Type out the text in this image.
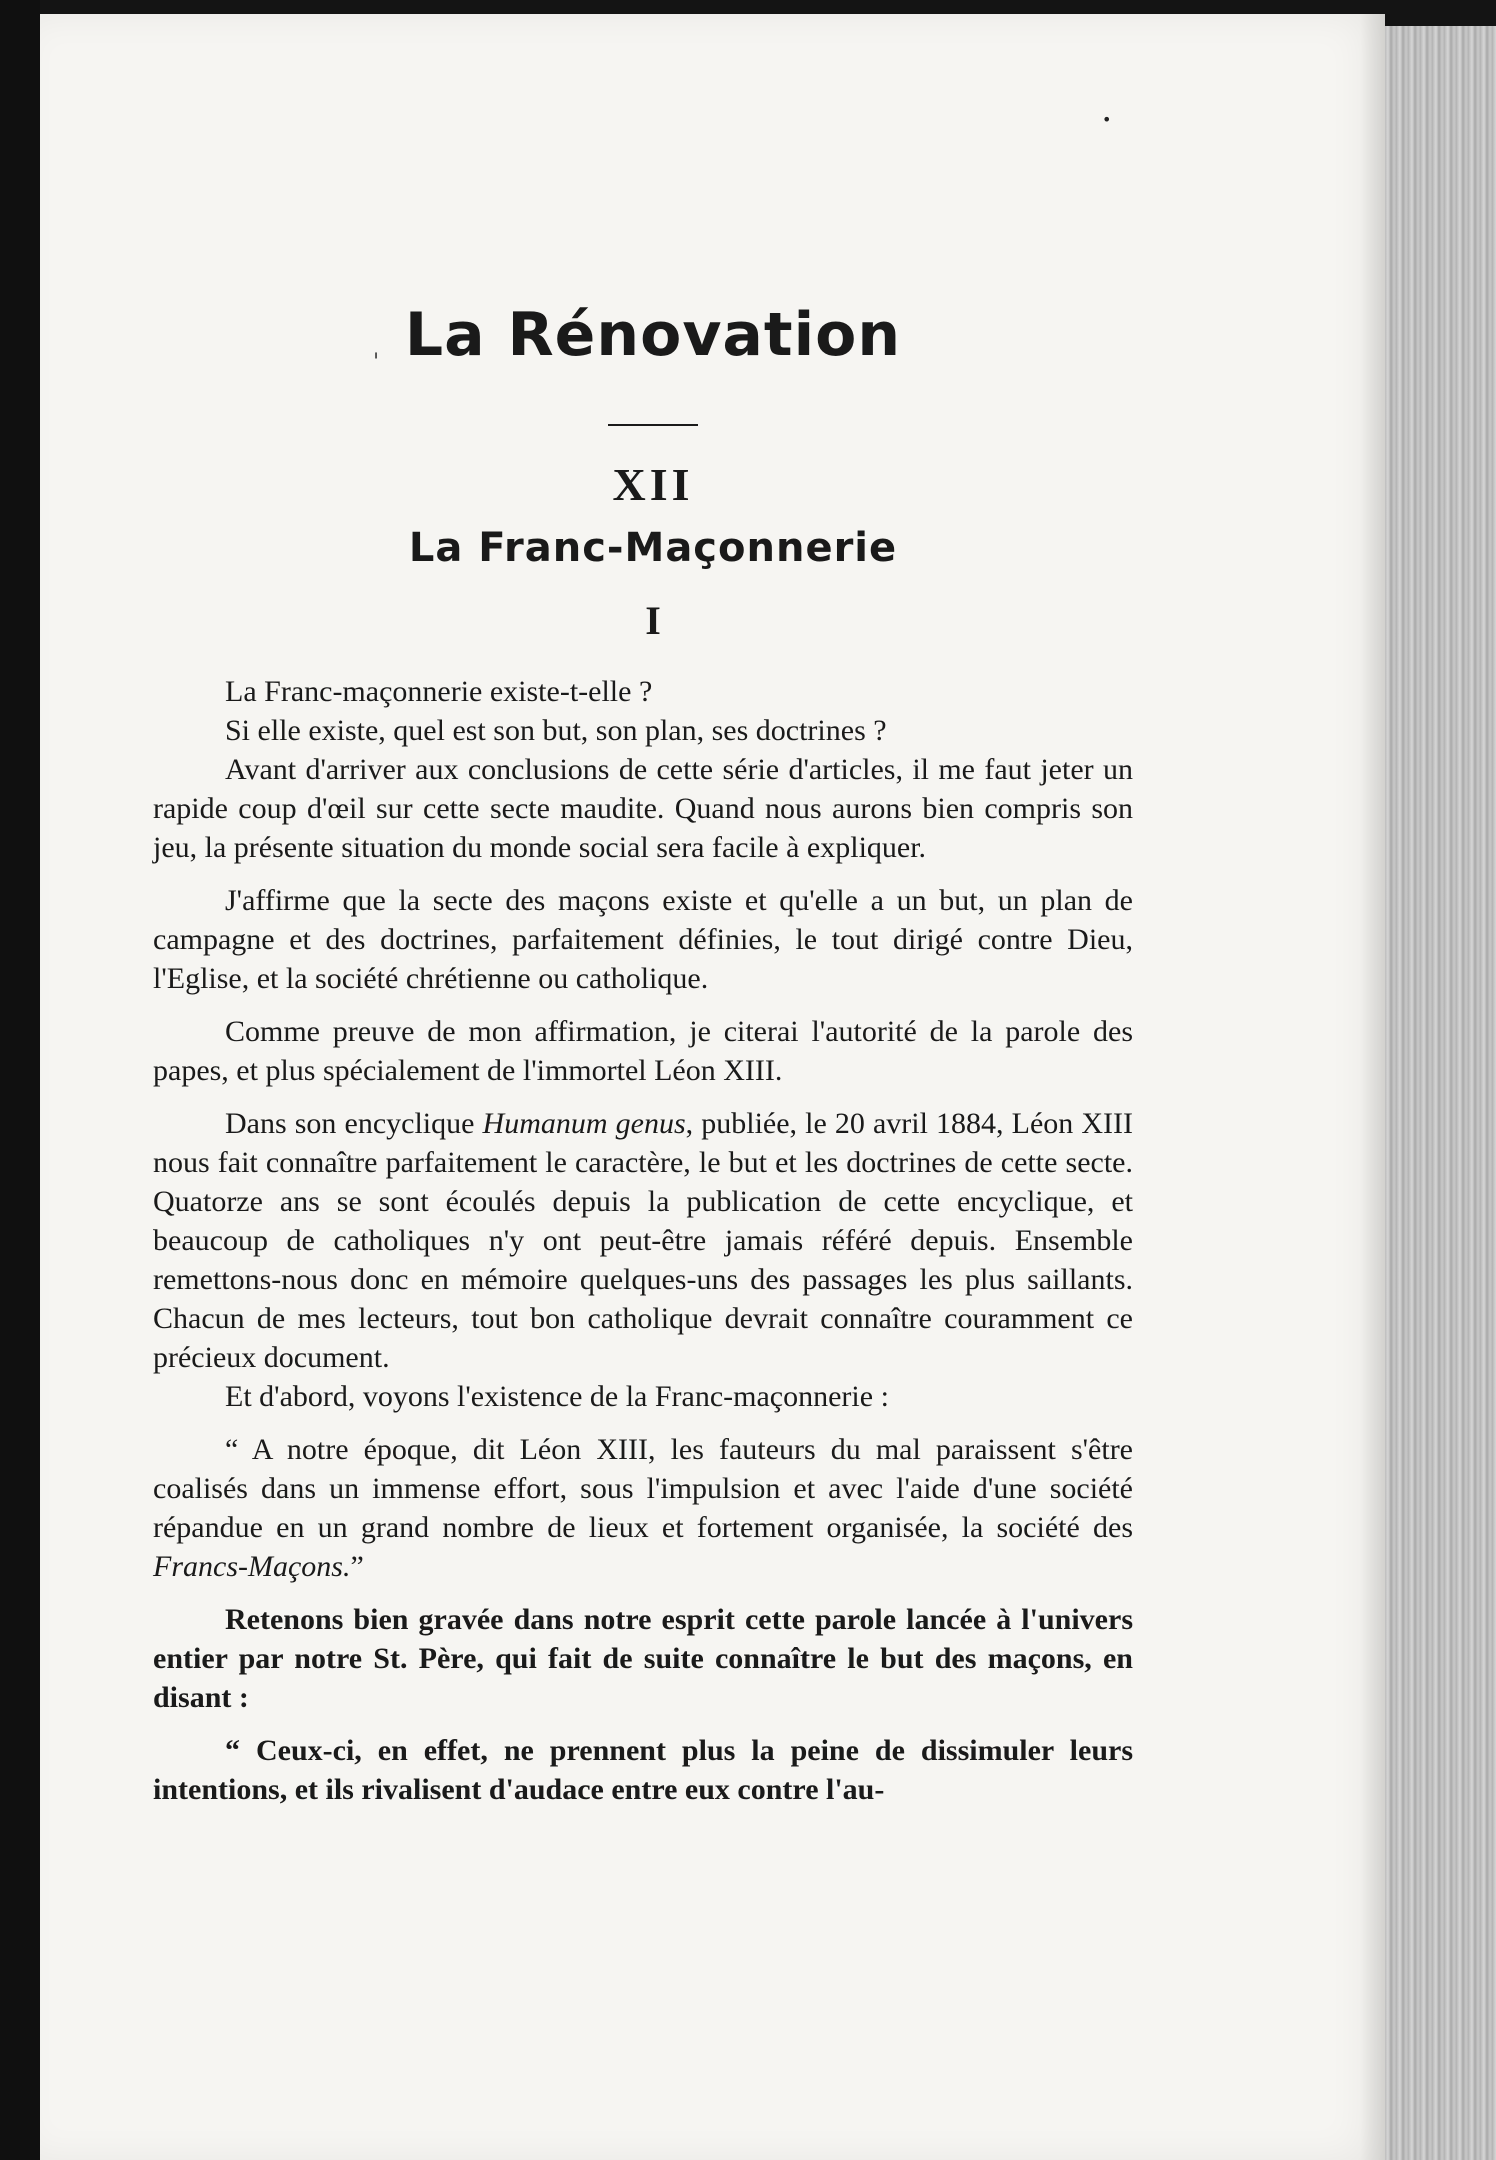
ˌ
•
La Rénovation
XII
La Franc-Maçonnerie
I

La Franc-maçonnerie existe-t-elle ?

Si elle existe, quel est son but, son plan, ses doctrines ?

Avant d'arriver aux conclusions de cette série d'articles, il me faut jeter un rapide coup d'œil sur cette secte maudite. Quand nous aurons bien compris son jeu, la présente situation du monde social sera facile à expliquer.

J'affirme que la secte des maçons existe et qu'elle a un but, un plan de campagne et des doctrines, parfaitement définies, le tout dirigé contre Dieu, l'Eglise, et la société chrétienne ou catholique.

Comme preuve de mon affirmation, je citerai l'autorité de la parole des papes, et plus spécialement de l'immortel Léon XIII.

Dans son encyclique Humanum genus, publiée, le 20 avril 1884, Léon XIII nous fait connaître parfaitement le caractère, le but et les doctrines de cette secte. Quatorze ans se sont écoulés depuis la publication de cette encyclique, et beaucoup de catholiques n'y ont peut-être jamais référé depuis. Ensemble remettons-nous donc en mémoire quelques-uns des passages les plus saillants. Chacun de mes lecteurs, tout bon catholique devrait connaître couramment ce précieux document.

Et d'abord, voyons l'existence de la Franc-maçonnerie :

“ A notre époque, dit Léon XIII, les fauteurs du mal paraissent s'être coalisés dans un immense effort, sous l'impulsion et avec l'aide d'une société répandue en un grand nombre de lieux et fortement organisée, la société des Francs-Maçons.”

Retenons bien gravée dans notre esprit cette parole lancée à l'univers entier par notre St. Père, qui fait de suite connaître le but des maçons, en disant :

“ Ceux-ci, en effet, ne prennent plus la peine de dissimuler leurs intentions, et ils rivalisent d'audace entre eux contre l'au-
